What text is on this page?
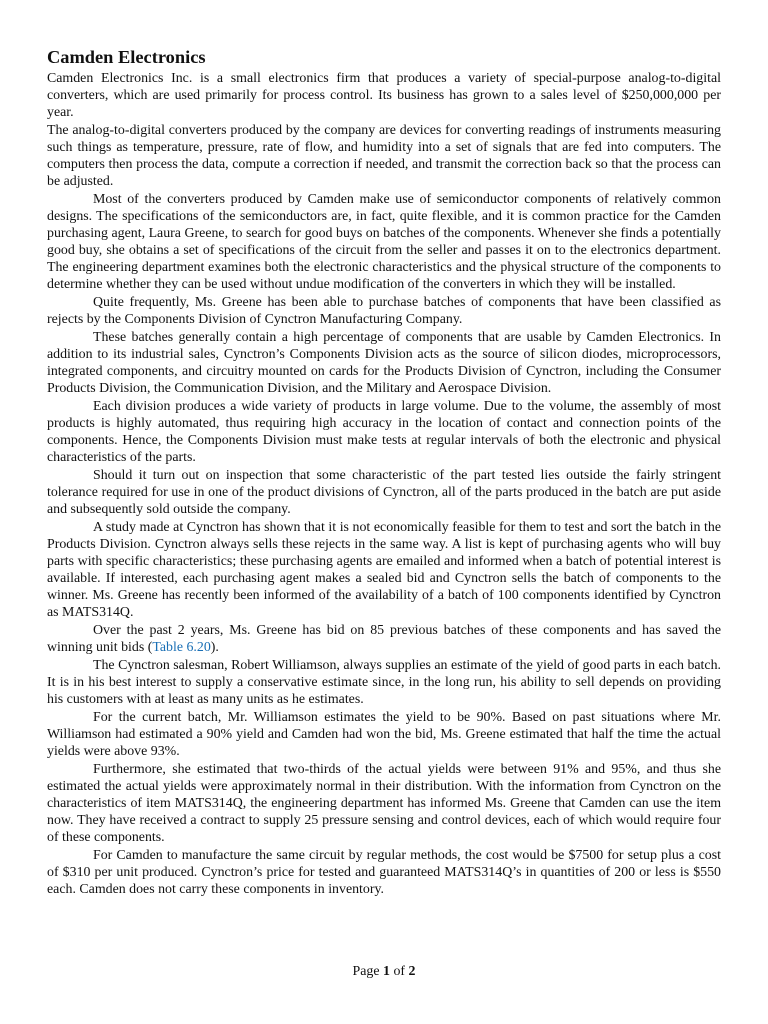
Camden Electronics

Camden Electronics Inc. is a small electronics firm that produces a variety of special-purpose analog-to-digital converters, which are used primarily for process control. Its business has grown to a sales level of $250,000,000 per year.

The analog-to-digital converters produced by the company are devices for converting readings of instruments measuring such things as temperature, pressure, rate of flow, and humidity into a set of signals that are fed into computers. The computers then process the data, compute a correction if needed, and transmit the correction back so that the process can be adjusted.

Most of the converters produced by Camden make use of semiconductor components of relatively common designs. The specifications of the semiconductors are, in fact, quite flexible, and it is common practice for the Camden purchasing agent, Laura Greene, to search for good buys on batches of the components. Whenever she finds a potentially good buy, she obtains a set of specifications of the circuit from the seller and passes it on to the electronics department. The engineering department examines both the electronic characteristics and the physical structure of the components to determine whether they can be used without undue modification of the converters in which they will be installed.

Quite frequently, Ms. Greene has been able to purchase batches of components that have been classified as rejects by the Components Division of Cynctron Manufacturing Company.

These batches generally contain a high percentage of components that are usable by Camden Electronics. In addition to its industrial sales, Cynctron’s Components Division acts as the source of silicon diodes, microprocessors, integrated components, and circuitry mounted on cards for the Products Division of Cynctron, including the Consumer Products Division, the Communication Division, and the Military and Aerospace Division.

Each division produces a wide variety of products in large volume. Due to the volume, the assembly of most products is highly automated, thus requiring high accuracy in the location of contact and connection points of the components. Hence, the Components Division must make tests at regular intervals of both the electronic and physical characteristics of the parts.

Should it turn out on inspection that some characteristic of the part tested lies outside the fairly stringent tolerance required for use in one of the product divisions of Cynctron, all of the parts produced in the batch are put aside and subsequently sold outside the company.

A study made at Cynctron has shown that it is not economically feasible for them to test and sort the batch in the Products Division. Cynctron always sells these rejects in the same way. A list is kept of purchasing agents who will buy parts with specific characteristics; these purchasing agents are emailed and informed when a batch of potential interest is available. If interested, each purchasing agent makes a sealed bid and Cynctron sells the batch of components to the winner. Ms. Greene has recently been informed of the availability of a batch of 100 components identified by Cynctron as MATS314Q.

Over the past 2 years, Ms. Greene has bid on 85 previous batches of these components and has saved the winning unit bids (Table 6.20).

The Cynctron salesman, Robert Williamson, always supplies an estimate of the yield of good parts in each batch. It is in his best interest to supply a conservative estimate since, in the long run, his ability to sell depends on providing his customers with at least as many units as he estimates.

For the current batch, Mr. Williamson estimates the yield to be 90%. Based on past situations where Mr. Williamson had estimated a 90% yield and Camden had won the bid, Ms. Greene estimated that half the time the actual yields were above 93%.

Furthermore, she estimated that two-thirds of the actual yields were between 91% and 95%, and thus she estimated the actual yields were approximately normal in their distribution. With the information from Cynctron on the characteristics of item MATS314Q, the engineering department has informed Ms. Greene that Camden can use the item now. They have received a contract to supply 25 pressure sensing and control devices, each of which would require four of these components.

For Camden to manufacture the same circuit by regular methods, the cost would be $7500 for setup plus a cost of $310 per unit produced. Cynctron’s price for tested and guaranteed MATS314Q’s in quantities of 200 or less is $550 each. Camden does not carry these components in inventory.

Page 1 of 2
